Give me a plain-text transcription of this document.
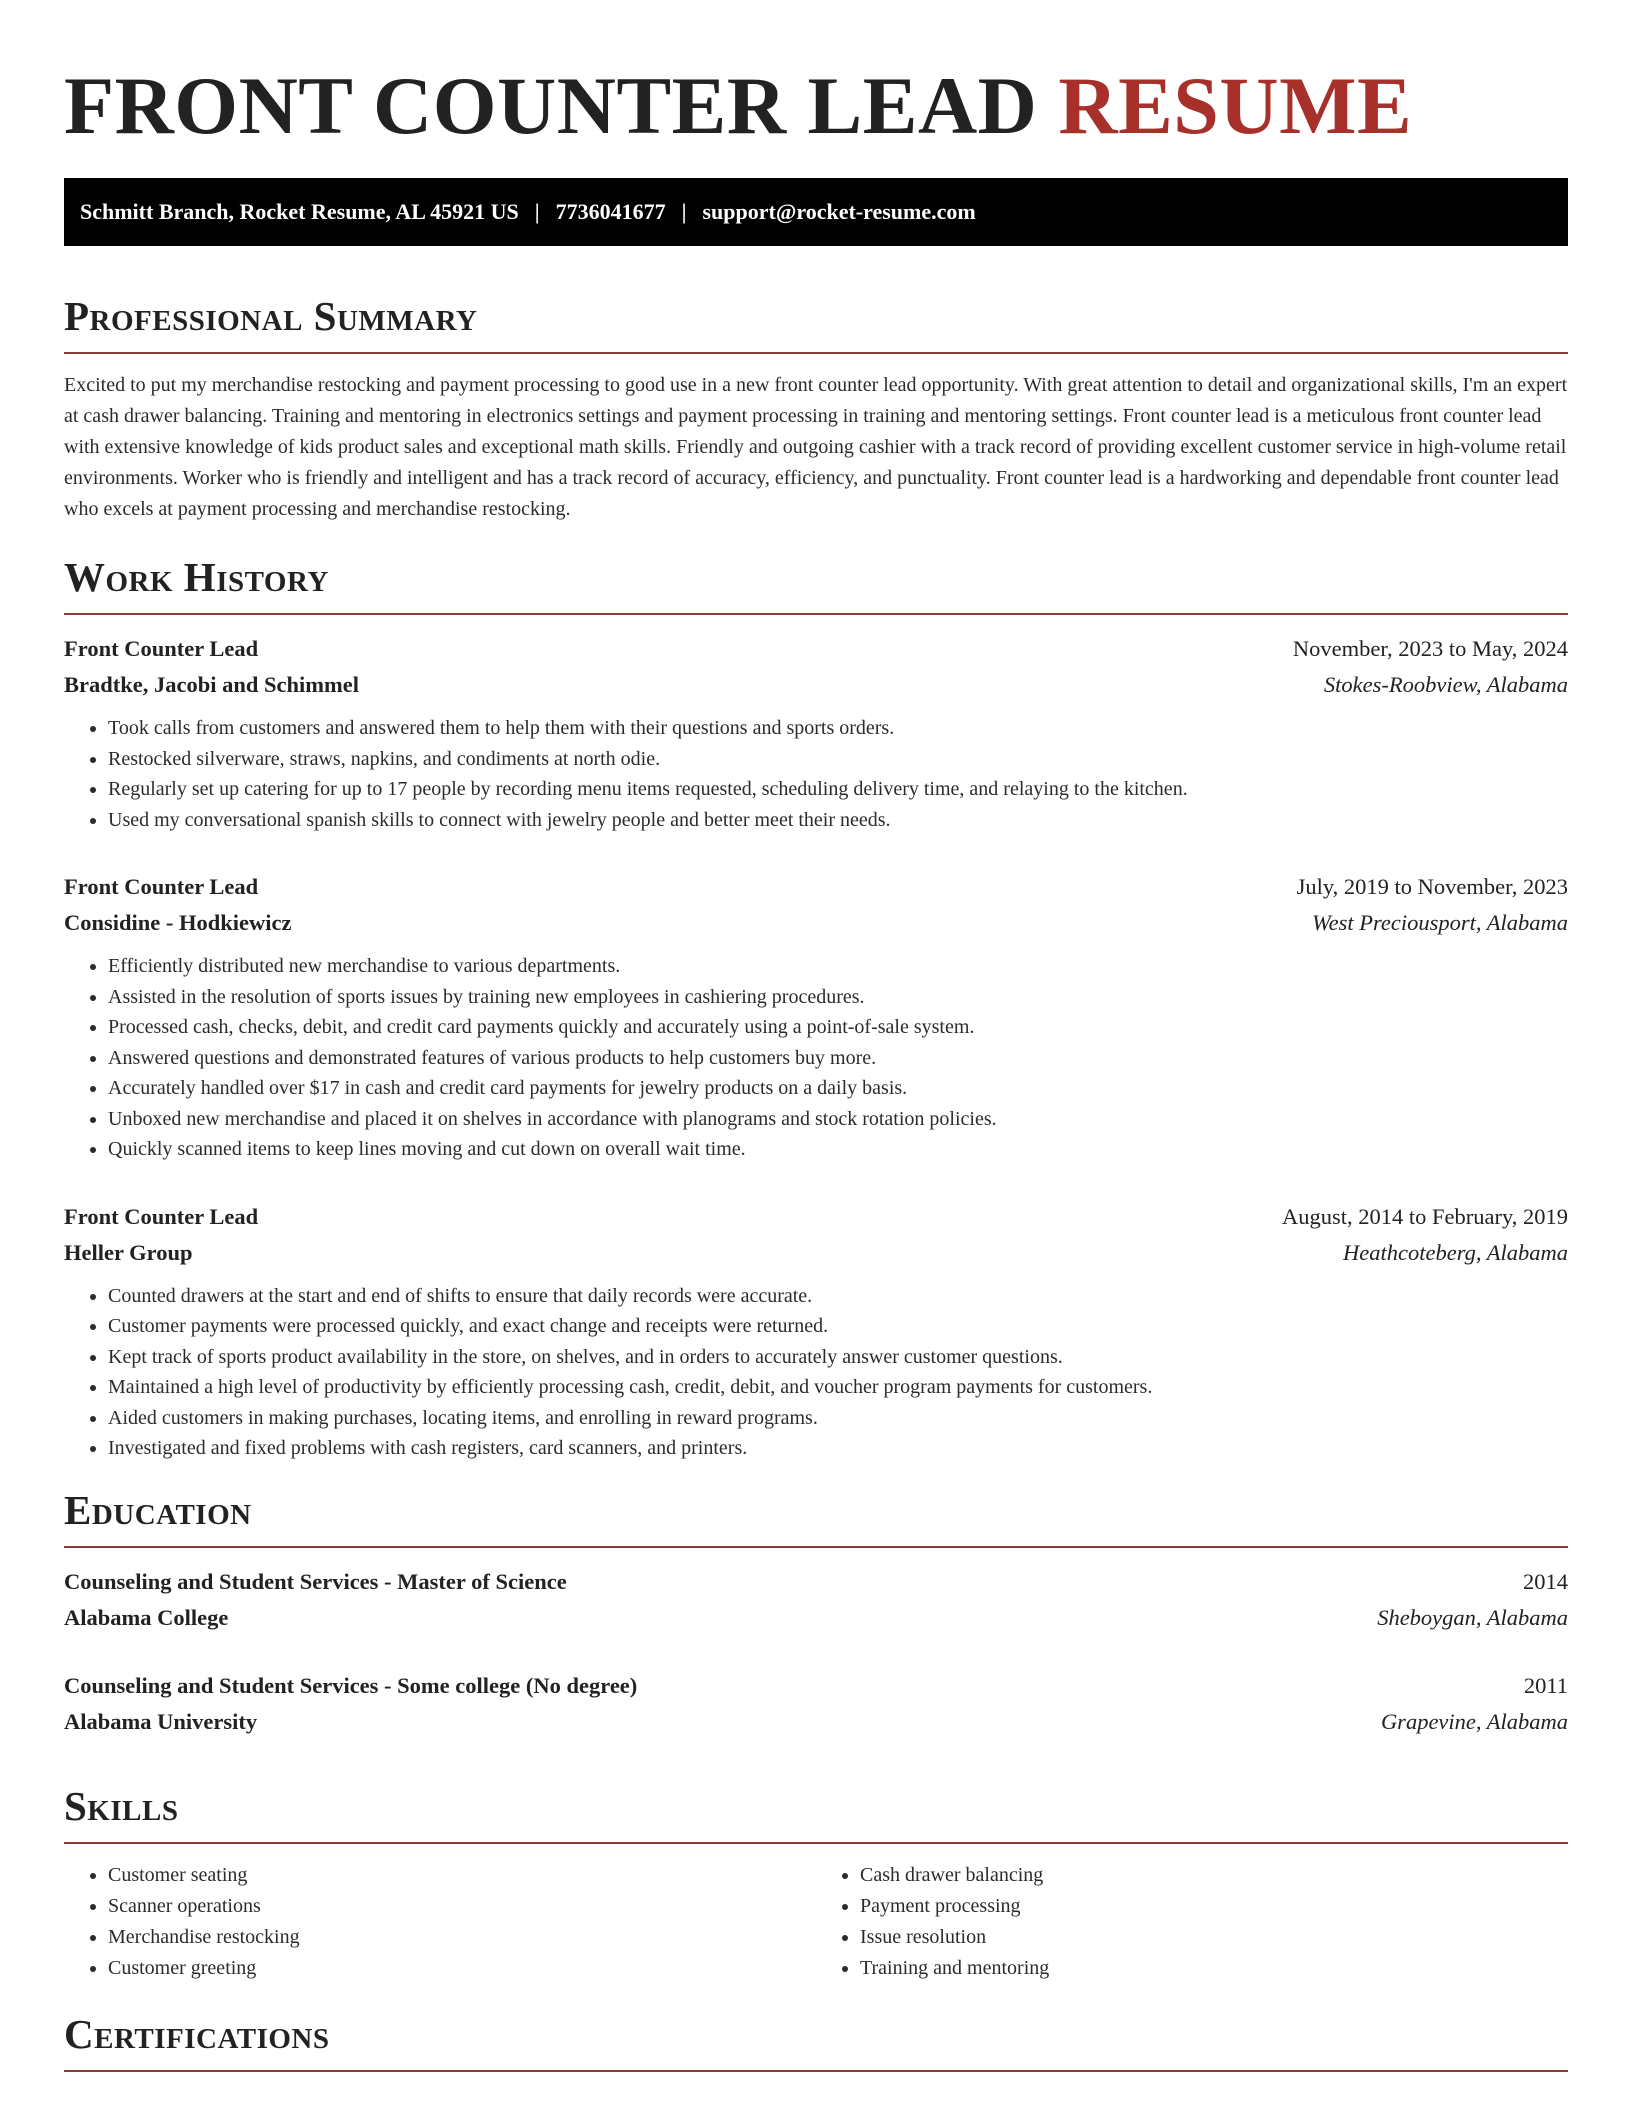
FRONT COUNTER LEAD RESUME
Schmitt Branch, Rocket Resume, AL 45921 US | 7736041677 | support@rocket-resume.com
Professional Summary

Excited to put my merchandise restocking and payment processing to good use in a new front counter lead opportunity. With great attention to detail and organizational skills, I'm an expert at cash drawer balancing. Training and mentoring in electronics settings and payment processing in training and mentoring settings. Front counter lead is a meticulous front counter lead with extensive knowledge of kids product sales and exceptional math skills. Friendly and outgoing cashier with a track record of providing excellent customer service in high-volume retail environments. Worker who is friendly and intelligent and has a track record of accuracy, efficiency, and punctuality. Front counter lead is a hardworking and dependable front counter lead who excels at payment processing and merchandise restocking.

Work History
Front Counter Lead	November, 2023 to May, 2024
Bradtke, Jacobi and Schimmel	Stokes-Roobview, Alabama
• Took calls from customers and answered them to help them with their questions and sports orders.
• Restocked silverware, straws, napkins, and condiments at north odie.
• Regularly set up catering for up to 17 people by recording menu items requested, scheduling delivery time, and relaying to the kitchen.
• Used my conversational spanish skills to connect with jewelry people and better meet their needs.
Front Counter Lead	July, 2019 to November, 2023
Considine - Hodkiewicz	West Preciousport, Alabama
• Efficiently distributed new merchandise to various departments.
• Assisted in the resolution of sports issues by training new employees in cashiering procedures.
• Processed cash, checks, debit, and credit card payments quickly and accurately using a point-of-sale system.
• Answered questions and demonstrated features of various products to help customers buy more.
• Accurately handled over $17 in cash and credit card payments for jewelry products on a daily basis.
• Unboxed new merchandise and placed it on shelves in accordance with planograms and stock rotation policies.
• Quickly scanned items to keep lines moving and cut down on overall wait time.
Front Counter Lead	August, 2014 to February, 2019
Heller Group	Heathcoteberg, Alabama
• Counted drawers at the start and end of shifts to ensure that daily records were accurate.
• Customer payments were processed quickly, and exact change and receipts were returned.
• Kept track of sports product availability in the store, on shelves, and in orders to accurately answer customer questions.
• Maintained a high level of productivity by efficiently processing cash, credit, debit, and voucher program payments for customers.
• Aided customers in making purchases, locating items, and enrolling in reward programs.
• Investigated and fixed problems with cash registers, card scanners, and printers.
Education
Counseling and Student Services - Master of Science	2014
Alabama College	Sheboygan, Alabama
Counseling and Student Services - Some college (No degree)	2011
Alabama University	Grapevine, Alabama
Skills
• Customer seating
• Scanner operations
• Merchandise restocking
• Customer greeting
• Cash drawer balancing
• Payment processing
• Issue resolution
• Training and mentoring
Certifications
